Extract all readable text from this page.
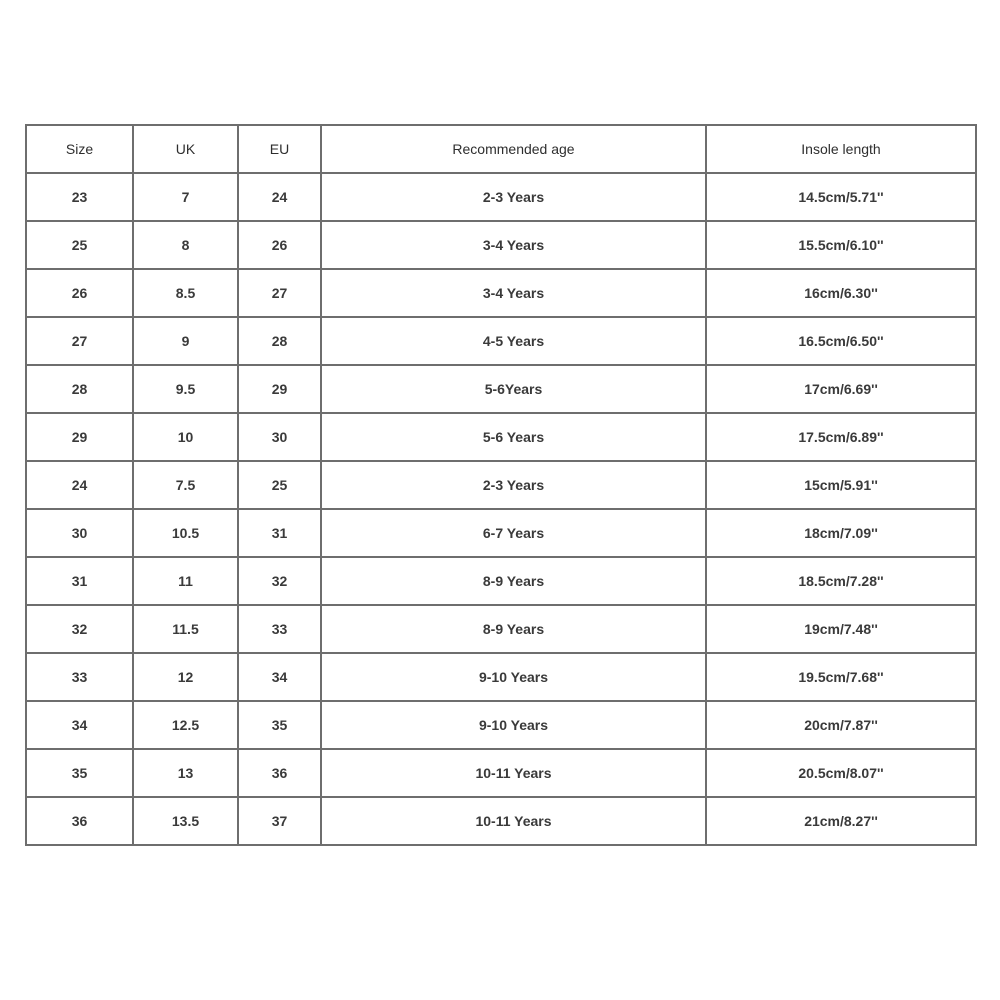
Size	UK	EU	Recommended age	Insole length
23	7	24	2-3 Years	14.5cm/5.71''
25	8	26	3-4 Years	15.5cm/6.10''
26	8.5	27	3-4 Years	16cm/6.30''
27	9	28	4-5 Years	16.5cm/6.50''
28	9.5	29	5-6Years	17cm/6.69''
29	10	30	5-6 Years	17.5cm/6.89''
24	7.5	25	2-3 Years	15cm/5.91''
30	10.5	31	6-7 Years	18cm/7.09''
31	11	32	8-9 Years	18.5cm/7.28''
32	11.5	33	8-9 Years	19cm/7.48''
33	12	34	9-10 Years	19.5cm/7.68''
34	12.5	35	9-10 Years	20cm/7.87''
35	13	36	10-11 Years	20.5cm/8.07''
36	13.5	37	10-11 Years	21cm/8.27''
